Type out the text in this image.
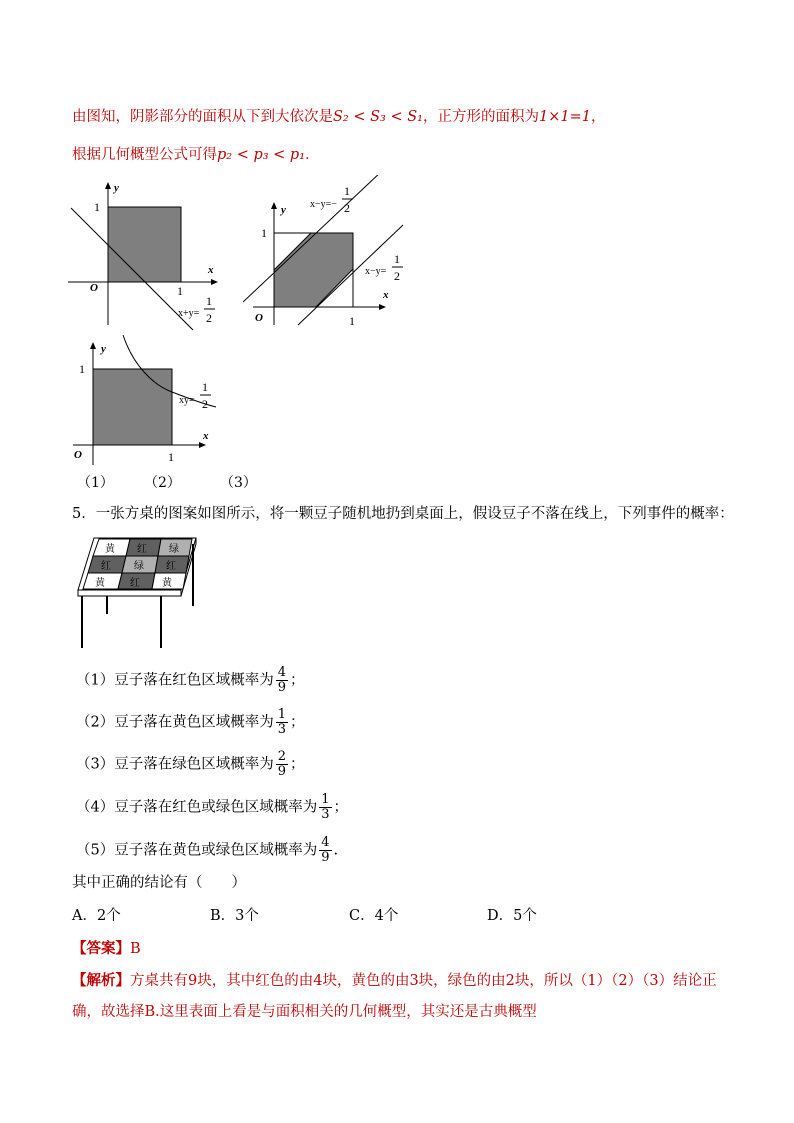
由图知，阴影部分的面积从下到大依次是S₂ < S₃ < S₁，正方形的面积为1×1=1，
根据几何概型公式可得p₂ < p₃ < p₁．
y
x
O
1
1
x+y=
1
2
y
x
O
1
1
x−y=−
1
2
x−y=
1
2
y
x
O
1
1
xy=
1
2
（1） （2）	（3）
5．一张方桌的图案如图所示，将一颗豆子随机地扔到桌面上，假设豆子不落在线上，下列事件的概率：
黄 红 绿
红 绿 红
黄	红 黄
（1）豆子落在红色区域概率为 $\frac{4}{9}$ ；
（2）豆子落在黄色区域概率为 $\frac{1}{3}$ ；
（3）豆子落在绿色区域概率为 $\frac{2}{9}$ ；
（4）豆子落在红色或绿色区域概率为 $\frac{1}{3}$ ；
（5）豆子落在黄色或绿色区域概率为 $\frac{4}{9}$ .
其中正确的结论有（　　）
A．2个	B．3个	C．4个	D．5个
【答案】B
【解析】方桌共有9块，其中红色的由4块，黄色的由3块，绿色的由2块，所以（1）（2）（3）结论正
确，故选择B.这里表面上看是与面积相关的几何概型，其实还是古典概型
